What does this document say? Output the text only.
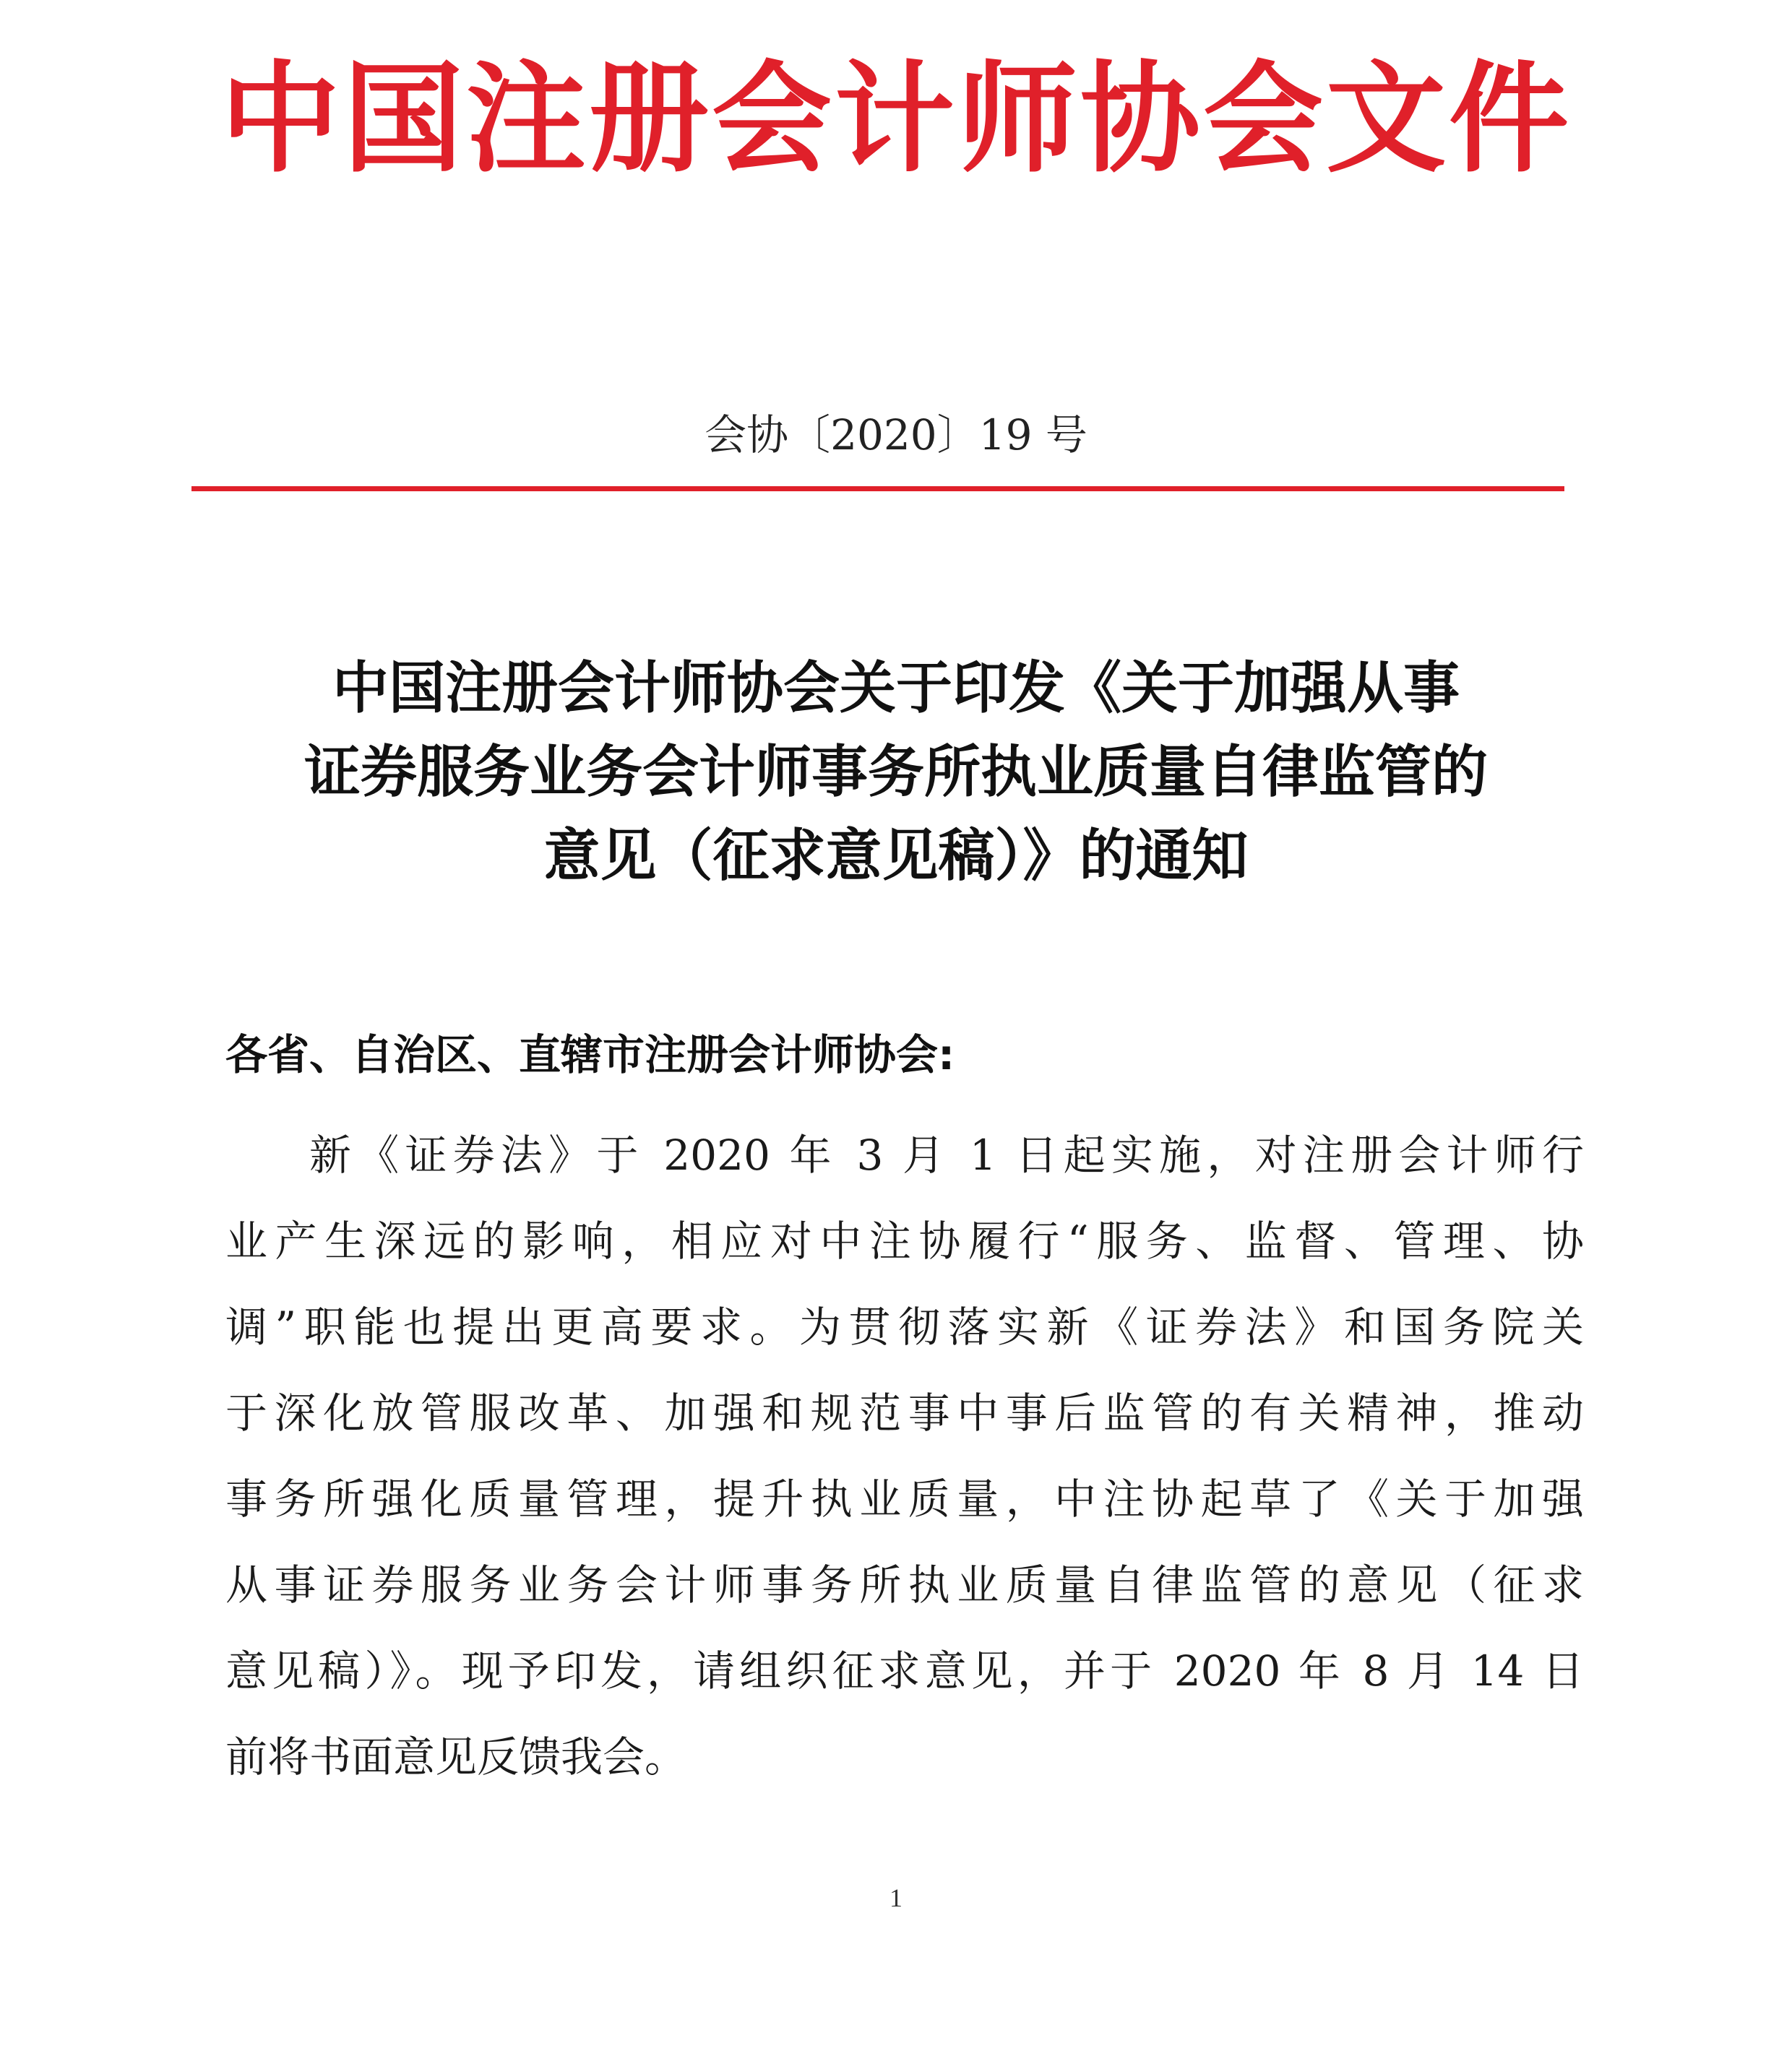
中国注册会计师协会文件
会协〔2020〕19 号
中国注册会计师协会关于印发《关于加强从事
证券服务业务会计师事务所执业质量自律监管的
意见（征求意见稿）》的通知
各省、自治区、直辖市注册会计师协会:
新《证券法》于 2020 年 3 月 1 日起实施，对注册会计师行
业产生深远的影响，相应对中注协履行“服务、监督、管理、协
调”职能也提出更高要求。为贯彻落实新《证券法》和国务院关
于深化放管服改革、加强和规范事中事后监管的有关精神，推动
事务所强化质量管理，提升执业质量，中注协起草了《关于加强
从事证券服务业务会计师事务所执业质量自律监管的意见（征求
意见稿）》。现予印发，请组织征求意见，并于 2020 年 8 月 14 日
前将书面意见反馈我会。
1
